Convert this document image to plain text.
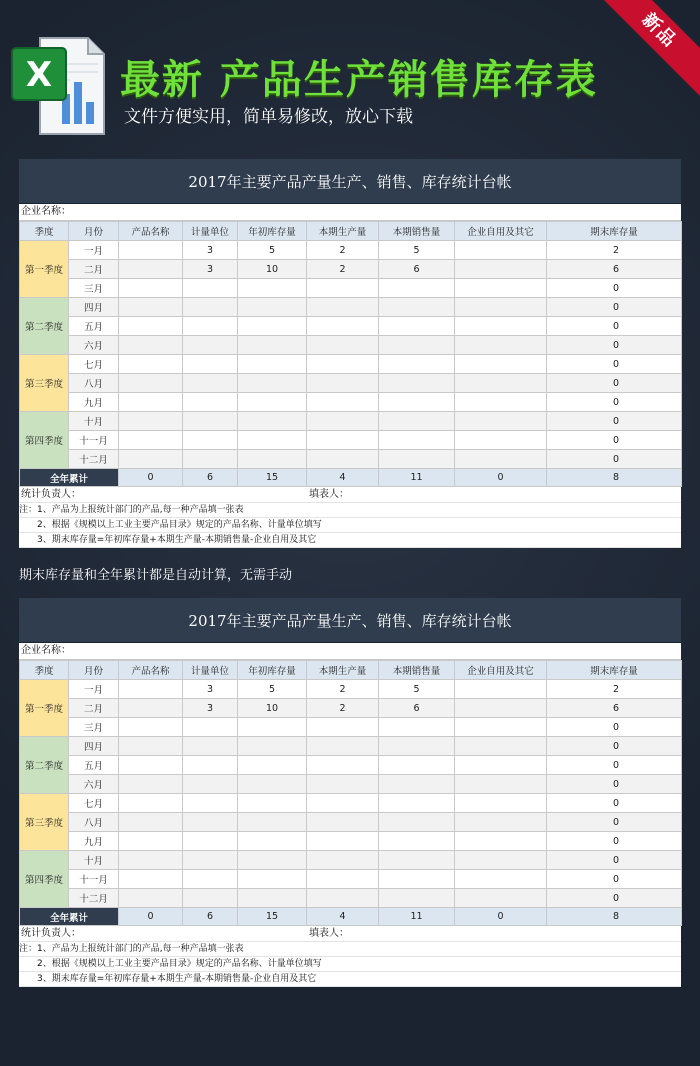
新品
X 最新 产品生产销售库存表
文件方便实用，简单易修改，放心下载
2017年主要产品产量生产、销售、库存统计台帐
企业名称：
季度	月份	产品名称	计量单位	年初库存量	本期生产量	本期销售量	企业自用及其它	期末库存量
第一季度	一月		3	5	2	5		2
	二月		3	10	2	6		6
	三月							0
第二季度	四月							0
	五月							0
	六月							0
第三季度	七月							0
	八月							0
	九月							0
第四季度	十月							0
	十一月							0
	十二月							0
全年累计		0	6	15	4	11	0	8
统计负责人：	填表人：
注：1、产品为上报统计部门的产品,每一种产品填一张表
　　2、根据《规模以上工业主要产品目录》规定的产品名称、计量单位填写
　　3、期末库存量=年初库存量+本期生产量-本期销售量-企业自用及其它
期末库存量和全年累计都是自动计算，无需手动
2017年主要产品产量生产、销售、库存统计台帐
企业名称：
季度	月份	产品名称	计量单位	年初库存量	本期生产量	本期销售量	企业自用及其它	期末库存量
第一季度	一月		3	5	2	5		2
	二月		3	10	2	6		6
	三月							0
第二季度	四月							0
	五月							0
	六月							0
第三季度	七月							0
	八月							0
	九月							0
第四季度	十月							0
	十一月							0
	十二月							0
全年累计		0	6	15	4	11	0	8
统计负责人：	填表人：
注：1、产品为上报统计部门的产品,每一种产品填一张表
　　2、根据《规模以上工业主要产品目录》规定的产品名称、计量单位填写
　　3、期末库存量=年初库存量+本期生产量-本期销售量-企业自用及其它
